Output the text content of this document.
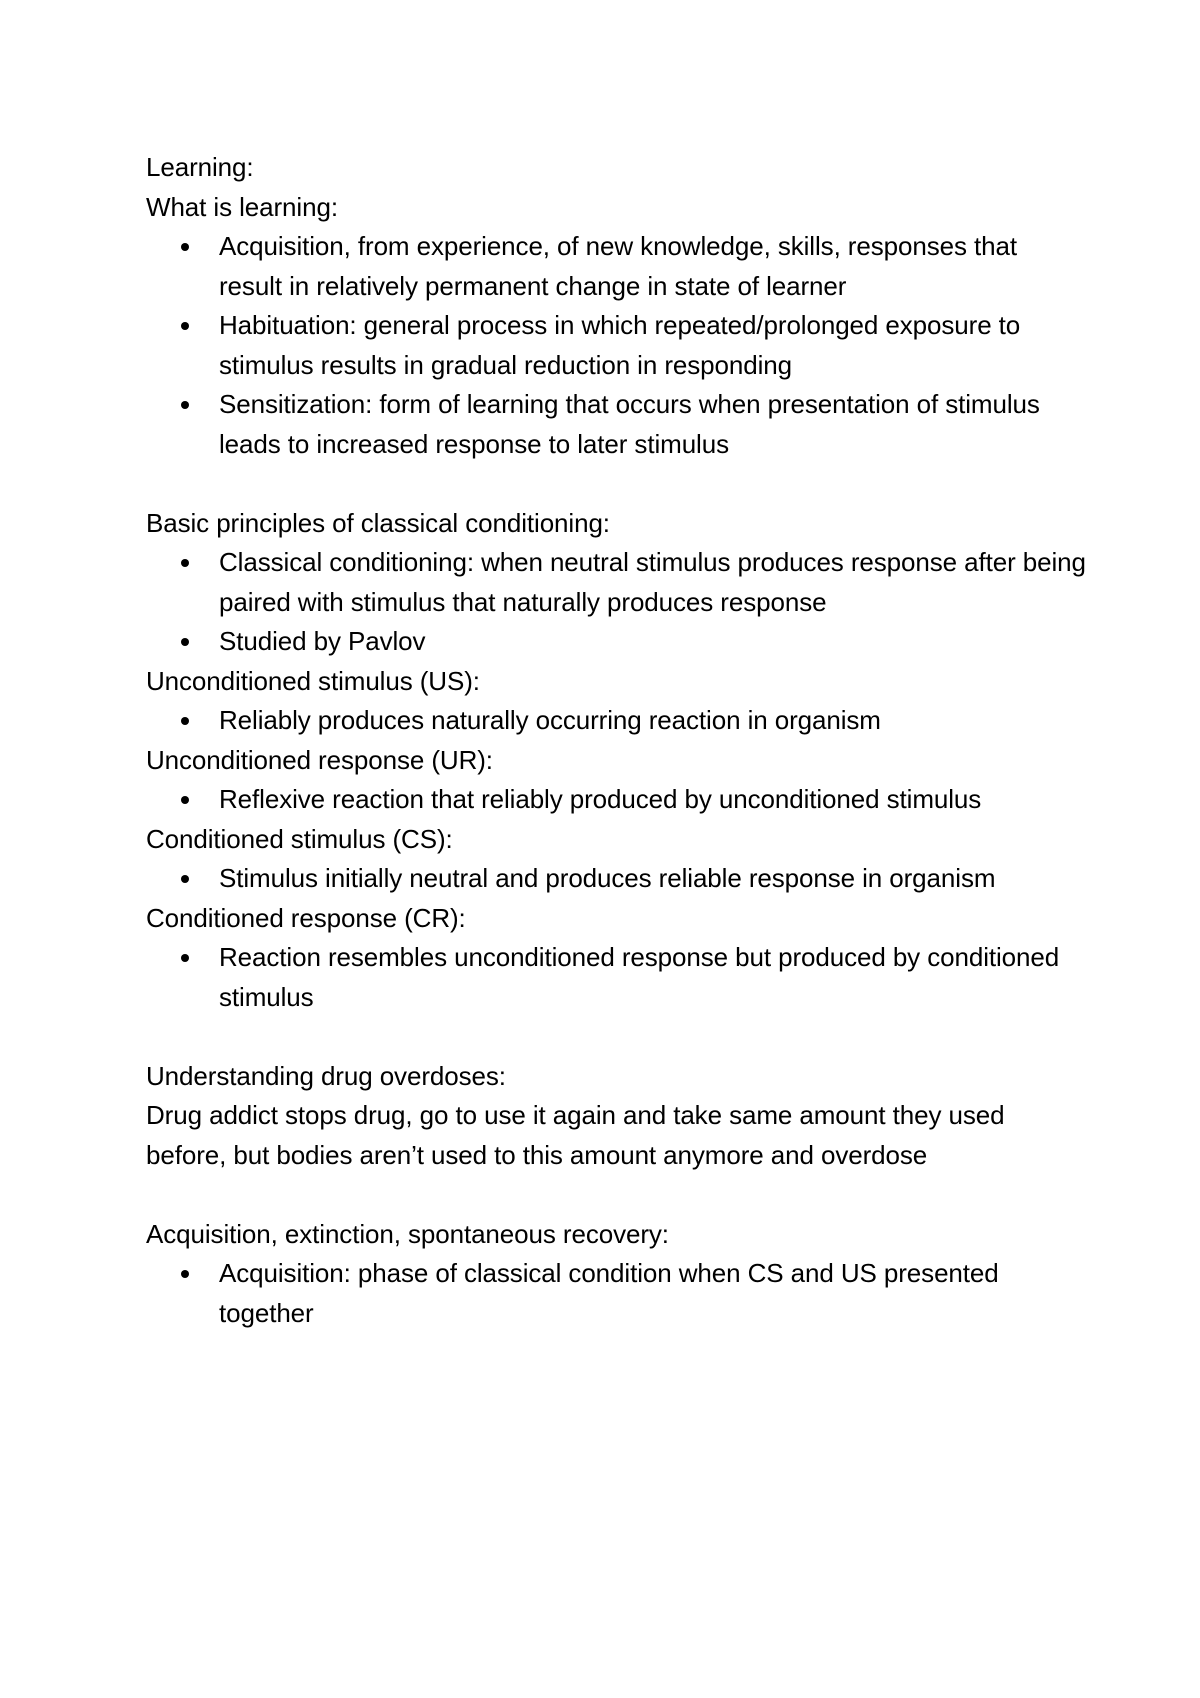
Learning:

What is learning:

Acquisition, from experience, of new knowledge, skills, responses that result in relatively permanent change in state of learner
Habituation: general process in which repeated/prolonged exposure to stimulus results in gradual reduction in responding
Sensitization: form of learning that occurs when presentation of stimulus leads to increased response to later stimulus

Basic principles of classical conditioning:

Classical conditioning: when neutral stimulus produces response after being paired with stimulus that naturally produces response
Studied by Pavlov

Unconditioned stimulus (US):

Reliably produces naturally occurring reaction in organism

Unconditioned response (UR):

Reflexive reaction that reliably produced by unconditioned stimulus

Conditioned stimulus (CS):

Stimulus initially neutral and produces reliable response in organism

Conditioned response (CR):

Reaction resembles unconditioned response but produced by conditioned stimulus

Understanding drug overdoses:

Drug addict stops drug, go to use it again and take same amount they used before, but bodies aren’t used to this amount anymore and overdose

Acquisition, extinction, spontaneous recovery:

Acquisition: phase of classical condition when CS and US presented together
